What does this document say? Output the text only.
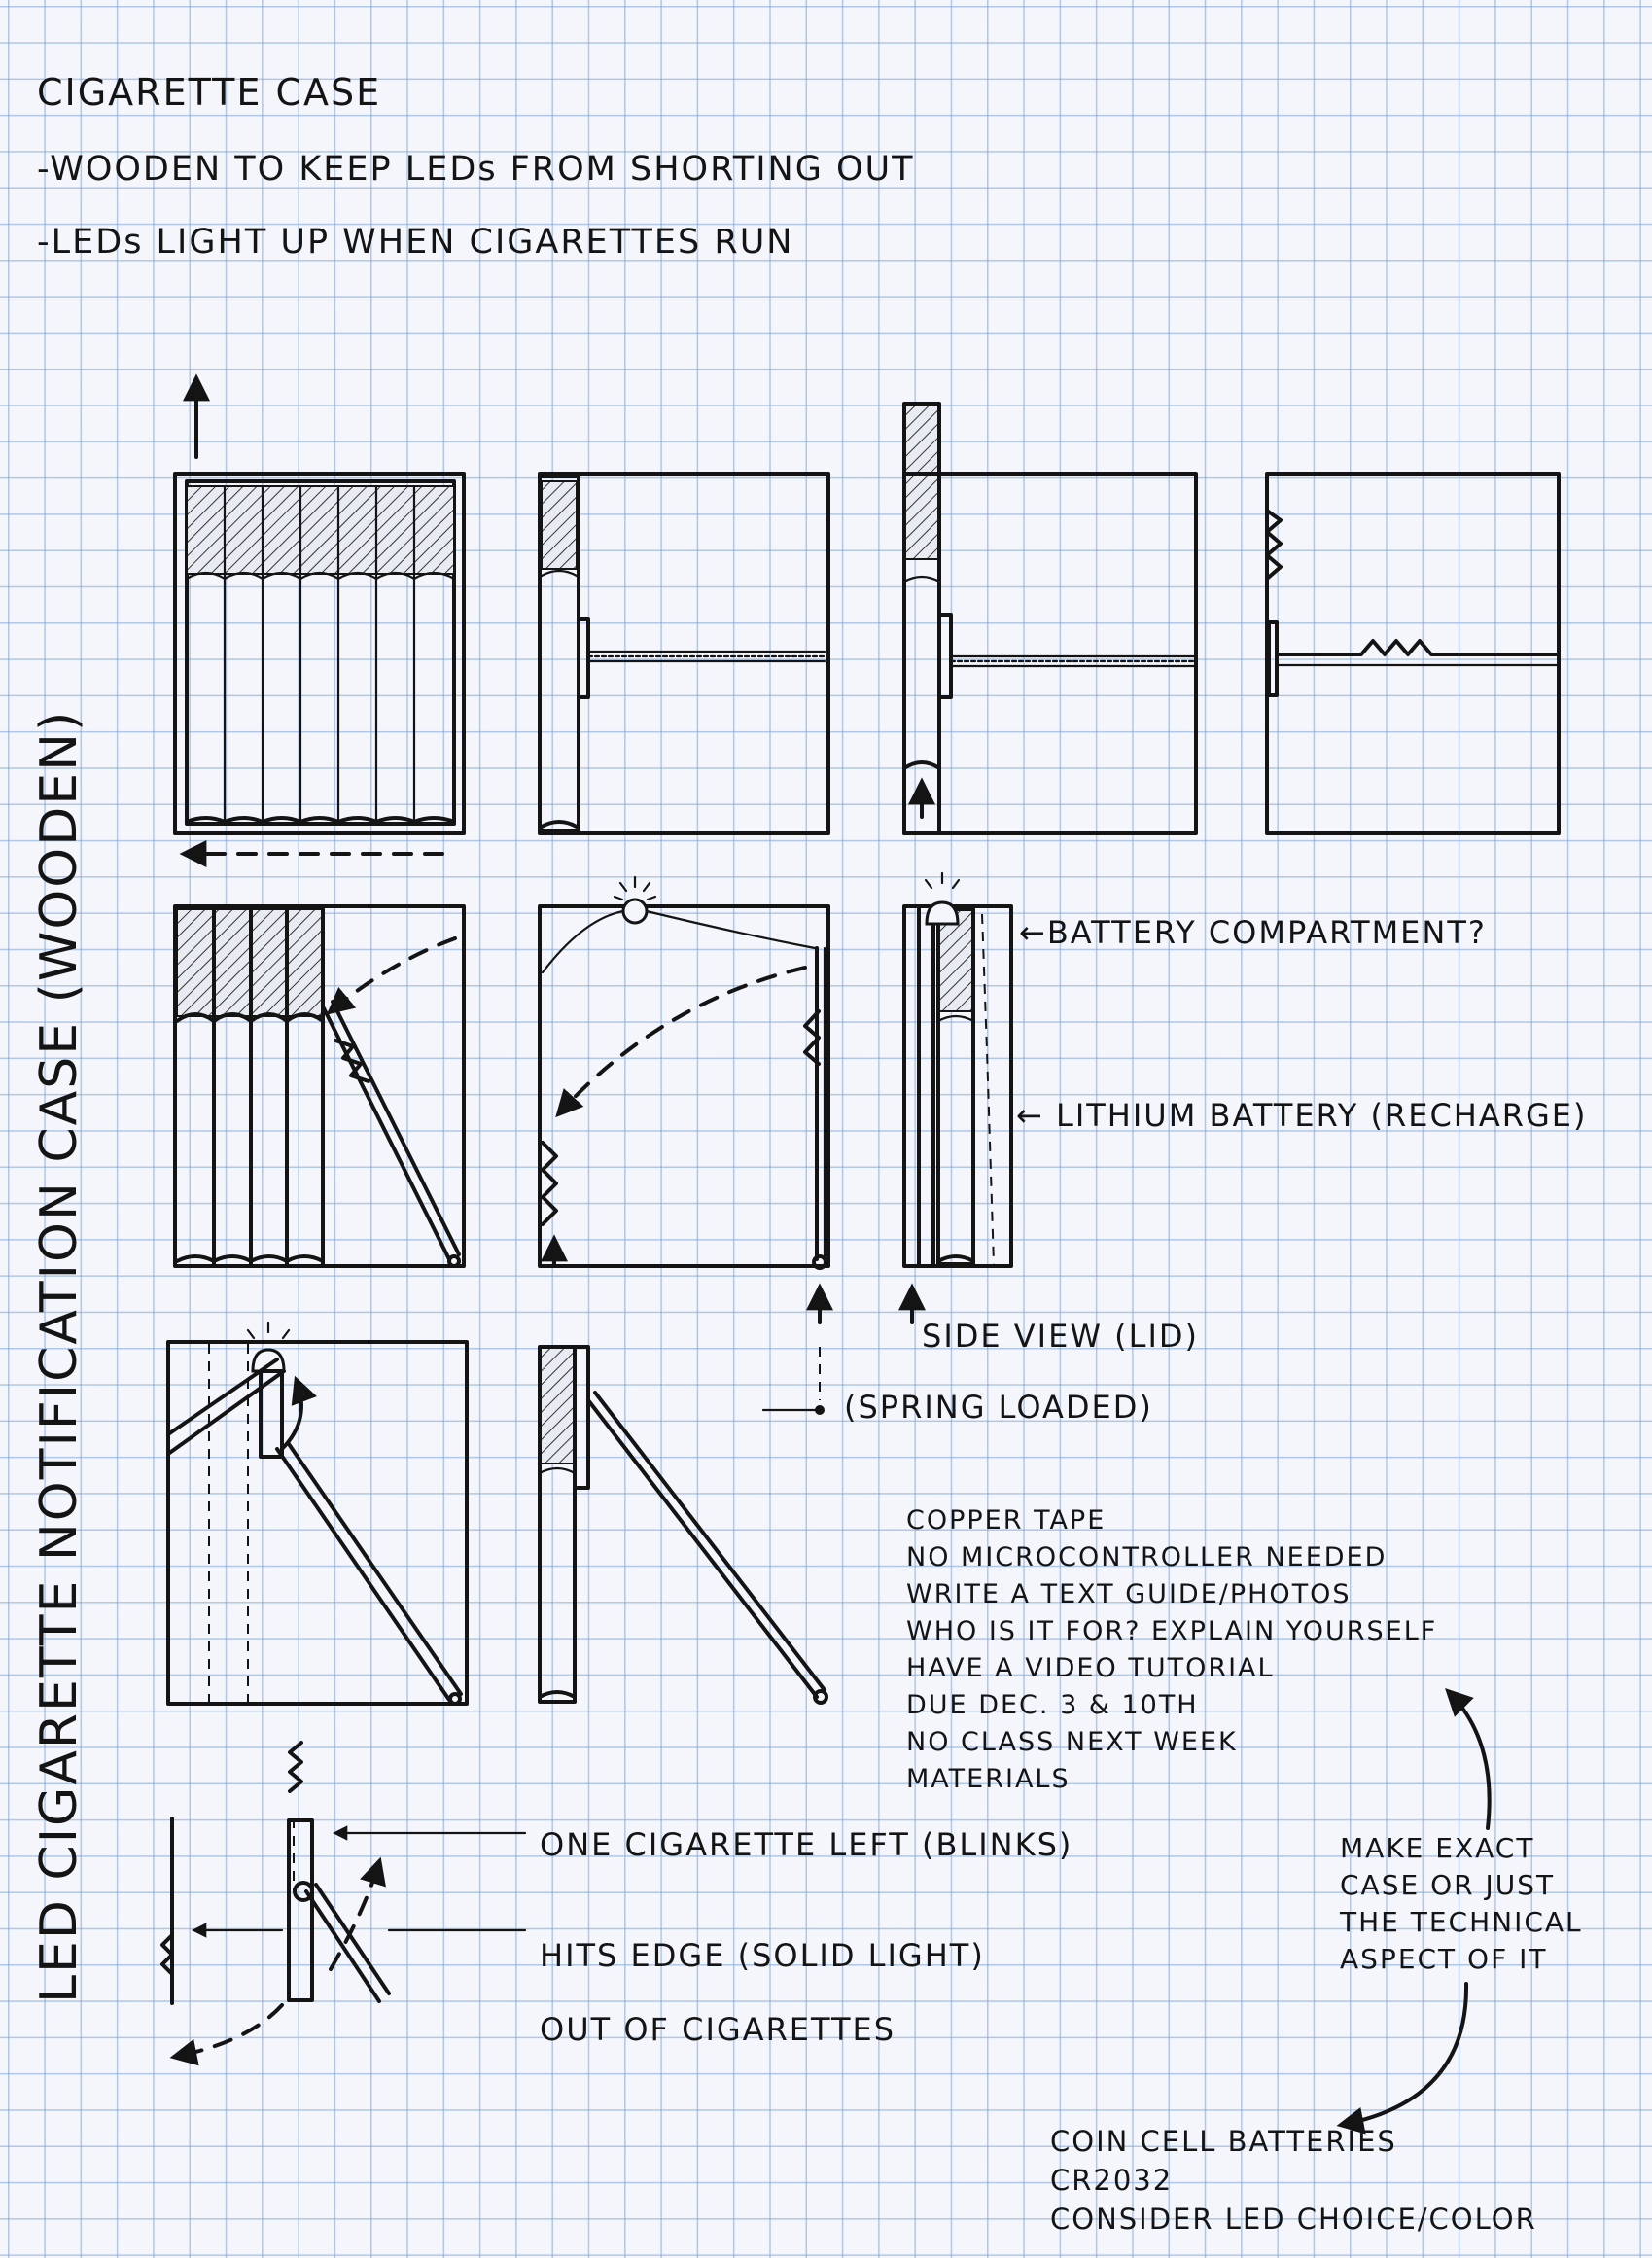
CIGARETTE CASE
-WOODEN TO KEEP LEDs FROM SHORTING OUT
-LEDs LIGHT UP WHEN CIGARETTES RUN
LED CIGARETTE NOTIFICATION CASE (WOODEN)	←BATTERY COMPARTMENT?
← LITHIUM BATTERY (RECHARGE)
SIDE VIEW (LID)
(SPRING LOADED)
ONE CIGARETTE LEFT (BLINKS)
HITS EDGE (SOLID LIGHT)
OUT OF CIGARETTES
COPPER TAPE
NO MICROCONTROLLER NEEDED
WRITE A TEXT GUIDE/PHOTOS
WHO IS IT FOR? EXPLAIN YOURSELF
HAVE A VIDEO TUTORIAL
DUE DEC. 3 & 10TH
NO CLASS NEXT WEEK
MATERIALS
MAKE EXACT
CASE OR JUST
THE TECHNICAL
ASPECT OF IT
COIN CELL BATTERIES
CR2032
CONSIDER LED CHOICE/COLOR
